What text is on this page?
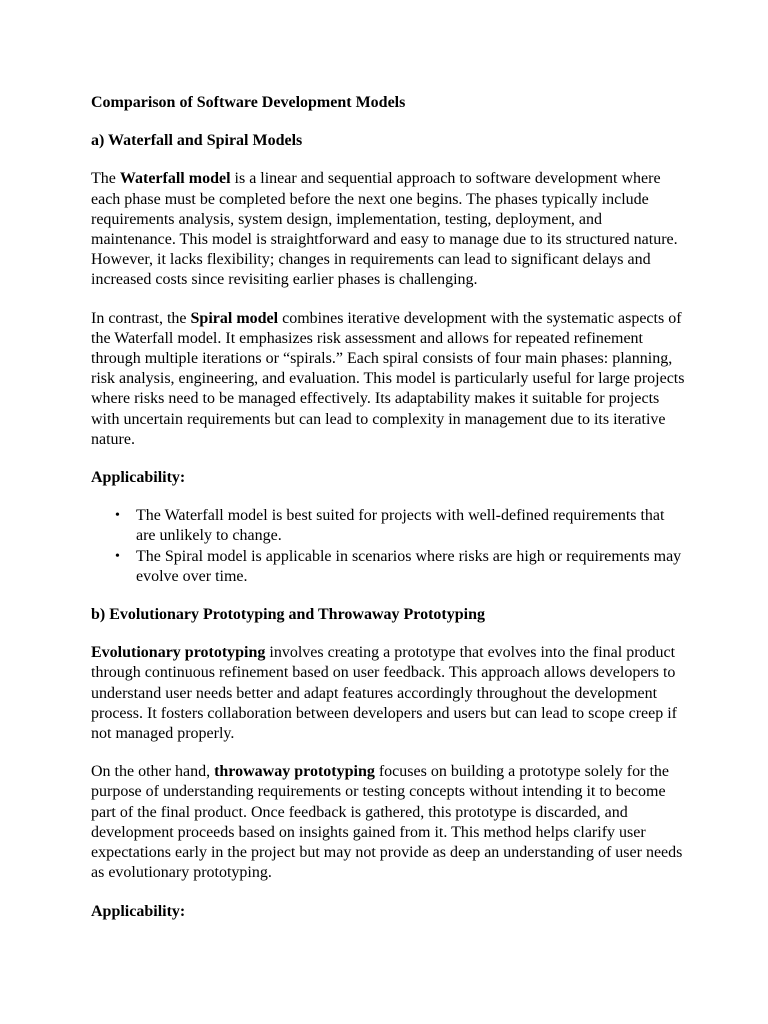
Comparison of Software Development Models
a) Waterfall and Spiral Models

The Waterfall model is a linear and sequential approach to software development where each phase must be completed before the next one begins. The phases typically include requirements analysis, system design, implementation, testing, deployment, and maintenance. This model is straightforward and easy to manage due to its structured nature. However, it lacks flexibility; changes in requirements can lead to significant delays and increased costs since revisiting earlier phases is challenging.

In contrast, the Spiral model combines iterative development with the systematic aspects of the Waterfall model. It emphasizes risk assessment and allows for repeated refinement through multiple iterations or “spirals.” Each spiral consists of four main phases: planning, risk analysis, engineering, and evaluation. This model is particularly useful for large projects where risks need to be managed effectively. Its adaptability makes it suitable for projects with uncertain requirements but can lead to complexity in management due to its iterative nature.

Applicability:
• The Waterfall model is best suited for projects with well-defined requirements that are unlikely to change.
• The Spiral model is applicable in scenarios where risks are high or requirements may evolve over time.
b) Evolutionary Prototyping and Throwaway Prototyping

Evolutionary prototyping involves creating a prototype that evolves into the final product through continuous refinement based on user feedback. This approach allows developers to understand user needs better and adapt features accordingly throughout the development process. It fosters collaboration between developers and users but can lead to scope creep if not managed properly.

On the other hand, throwaway prototyping focuses on building a prototype solely for the purpose of understanding requirements or testing concepts without intending it to become part of the final product. Once feedback is gathered, this prototype is discarded, and development proceeds based on insights gained from it. This method helps clarify user expectations early in the project but may not provide as deep an understanding of user needs as evolutionary prototyping.

Applicability:
